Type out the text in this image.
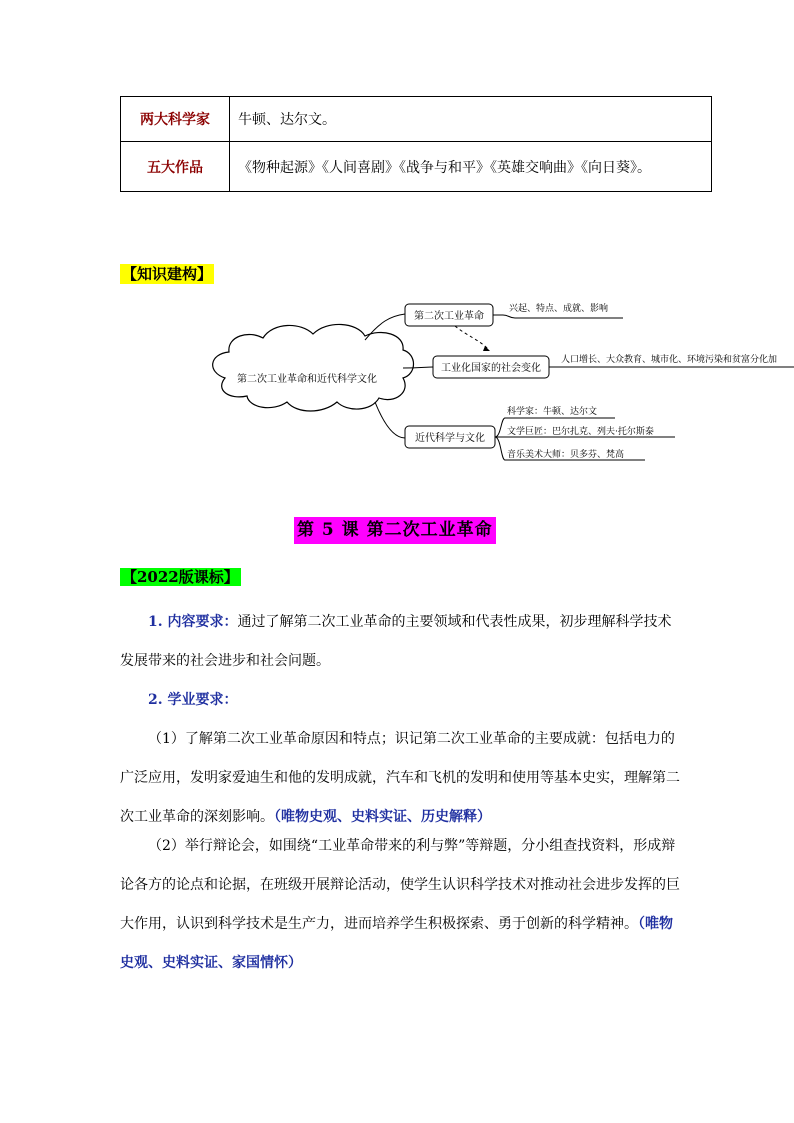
两大科学家	牛顿、达尔文。
五大作品	《物种起源》《人间喜剧》《战争与和平》《英雄交响曲》《向日葵》。
【知识建构】
第二次工业革命和近代科学文化
第二次工业革命
兴起、特点、成就、影响
工业化国家的社会变化
人口增长、大众教育、城市化、环境污染和贫富分化加
近代科学与文化
科学家：牛顿、达尔文
文学巨匠：巴尔扎克、列夫·托尔斯泰
音乐美术大师：贝多芬、梵高
第 5 课 第二次工业革命
【2022版课标】

1. 内容要求：通过了解第二次工业革命的主要领域和代表性成果，初步理解科学技术发展带来的社会进步和社会问题。

2. 学业要求：

（1）了解第二次工业革命原因和特点；识记第二次工业革命的主要成就：包括电力的广泛应用，发明家爱迪生和他的发明成就，汽车和飞机的发明和使用等基本史实，理解第二次工业革命的深刻影响。（唯物史观、史料实证、历史解释）

（2）举行辩论会，如围绕“工业革命带来的利与弊”等辩题，分小组查找资料，形成辩论各方的论点和论据，在班级开展辩论活动，使学生认识科学技术对推动社会进步发挥的巨大作用，认识到科学技术是生产力，进而培养学生积极探索、勇于创新的科学精神。（唯物史观、史料实证、家国情怀）
